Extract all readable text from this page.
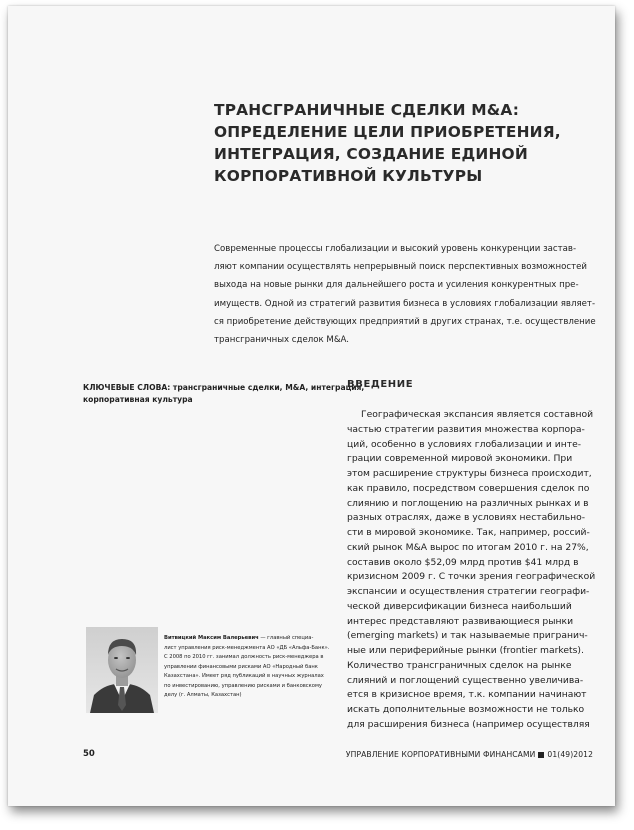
ТРАНСГРАНИЧНЫЕ СДЕЛКИ M&A:
ОПРЕДЕЛЕНИЕ ЦЕЛИ ПРИОБРЕТЕНИЯ,
ИНТЕГРАЦИЯ, СОЗДАНИЕ ЕДИНОЙ
КОРПОРАТИВНОЙ КУЛЬТУРЫ
Современные процессы глобализации и высокий уровень конкуренции застав-
ляют компании осуществлять непрерывный поиск перспективных возможностей
выхода на новые рынки для дальнейшего роста и усиления конкурентных пре-
имуществ. Одной из стратегий развития бизнеса в условиях глобализации являет-
ся приобретение действующих предприятий в других странах, т.е. осуществление
трансграничных сделок M&A.
КЛЮЧЕВЫЕ СЛОВА: трансграничные сделки, M&A, интеграция,
корпоративная культура
ВВЕДЕНИЕ
Географическая экспансия является составной
частью стратегии развития множества корпора-
ций, особенно в условиях глобализации и инте-
грации современной мировой экономики. При
этом расширение структуры бизнеса происходит,
как правило, посредством совершения сделок по
слиянию и поглощению на различных рынках и в
разных отраслях, даже в условиях нестабильно-
сти в мировой экономике. Так, например, россий-
ский рынок M&A вырос по итогам 2010 г. на 27%,
составив около $52,09 млрд против $41 млрд в
кризисном 2009 г. С точки зрения географической
экспансии и осуществления стратегии географи-
ческой диверсификации бизнеса наибольший
интерес представляют развивающиеся рынки
(emerging markets) и так называемые пригранич-
ные или периферийные рынки (frontier markets).
Количество трансграничных сделок на рынке
слияний и поглощений существенно увеличива-
ется в кризисное время, т.к. компании начинают
искать дополнительные возможности не только
для расширения бизнеса (например осуществляя
Витвицкий Максим Валерьевич — главный специа-
лист управления риск-менеджмента АО «ДБ «Альфа-Банк».
С 2008 по 2010 гг. занимал должность риск-менеджера в
управлении финансовыми рисками АО «Народный банк
Казахстана». Имеет ряд публикаций в научных журналах
по инвестированию, управлению рисками и банковскому
делу (г. Алматы, Казахстан)
50	УПРАВЛЕНИЕ КОРПОРАТИВНЫМИ ФИНАНСАМИ 01(49)2012
